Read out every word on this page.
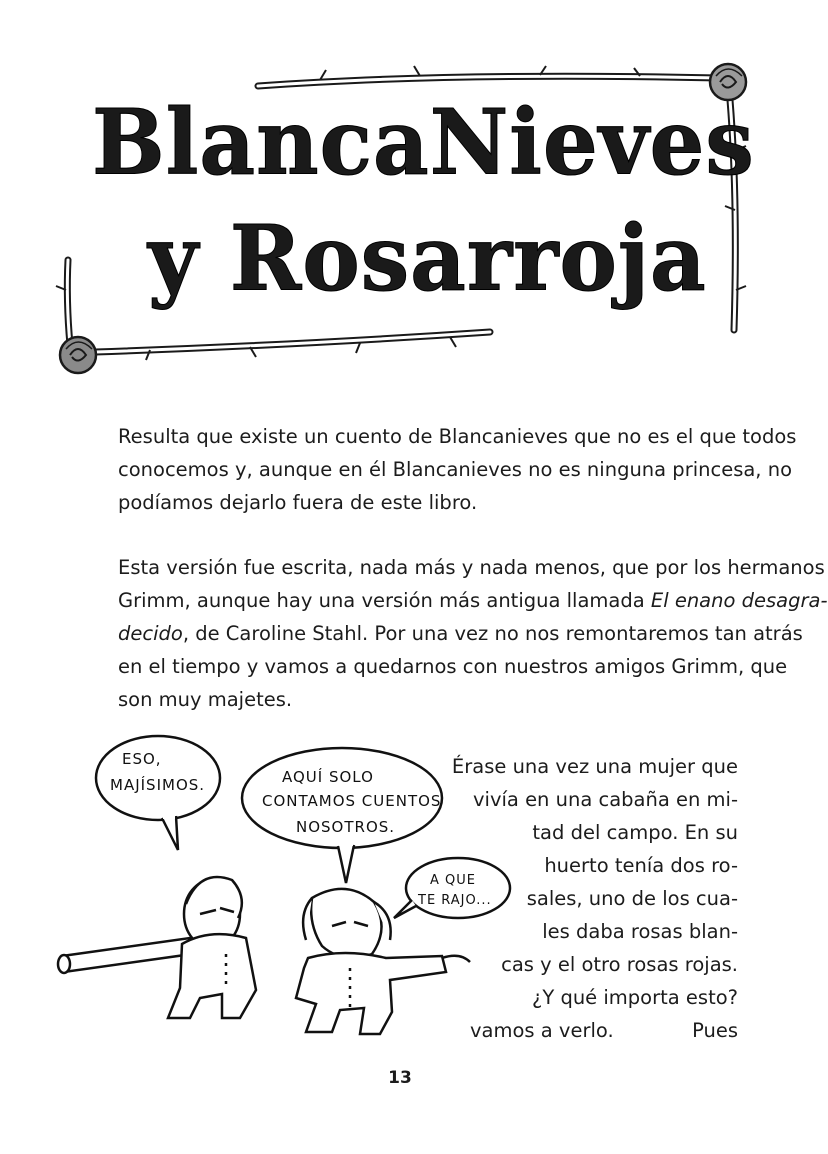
BlancaNieves
y Rosarroja
Resulta que existe un cuento de Blancanieves que no es el que todos
conocemos y, aunque en él Blancanieves no es ninguna princesa, no
podíamos dejarlo fuera de este libro.
Esta versión fue escrita, nada más y nada menos, que por los hermanos
Grimm, aunque hay una versión más antigua llamada El enano desagra-
decido, de Caroline Stahl. Por una vez no nos remontaremos tan atrás
en el tiempo y vamos a quedarnos con nuestros amigos Grimm, que
son muy majetes.
Érase una vez una mujer que
vivía en una cabaña en mi-
tad del campo. En su
huerto tenía dos ro-
sales, uno de los cua-
les daba rosas blan-
cas y el otro rosas rojas.
¿Y qué importa esto? Pues
vamos a verlo.
ESO,
MAJÍSIMOS.	AQUÍ SOLO
CONTAMOS CUENTOS
NOSOTROS.
A QUE
TE RAJO...
13
